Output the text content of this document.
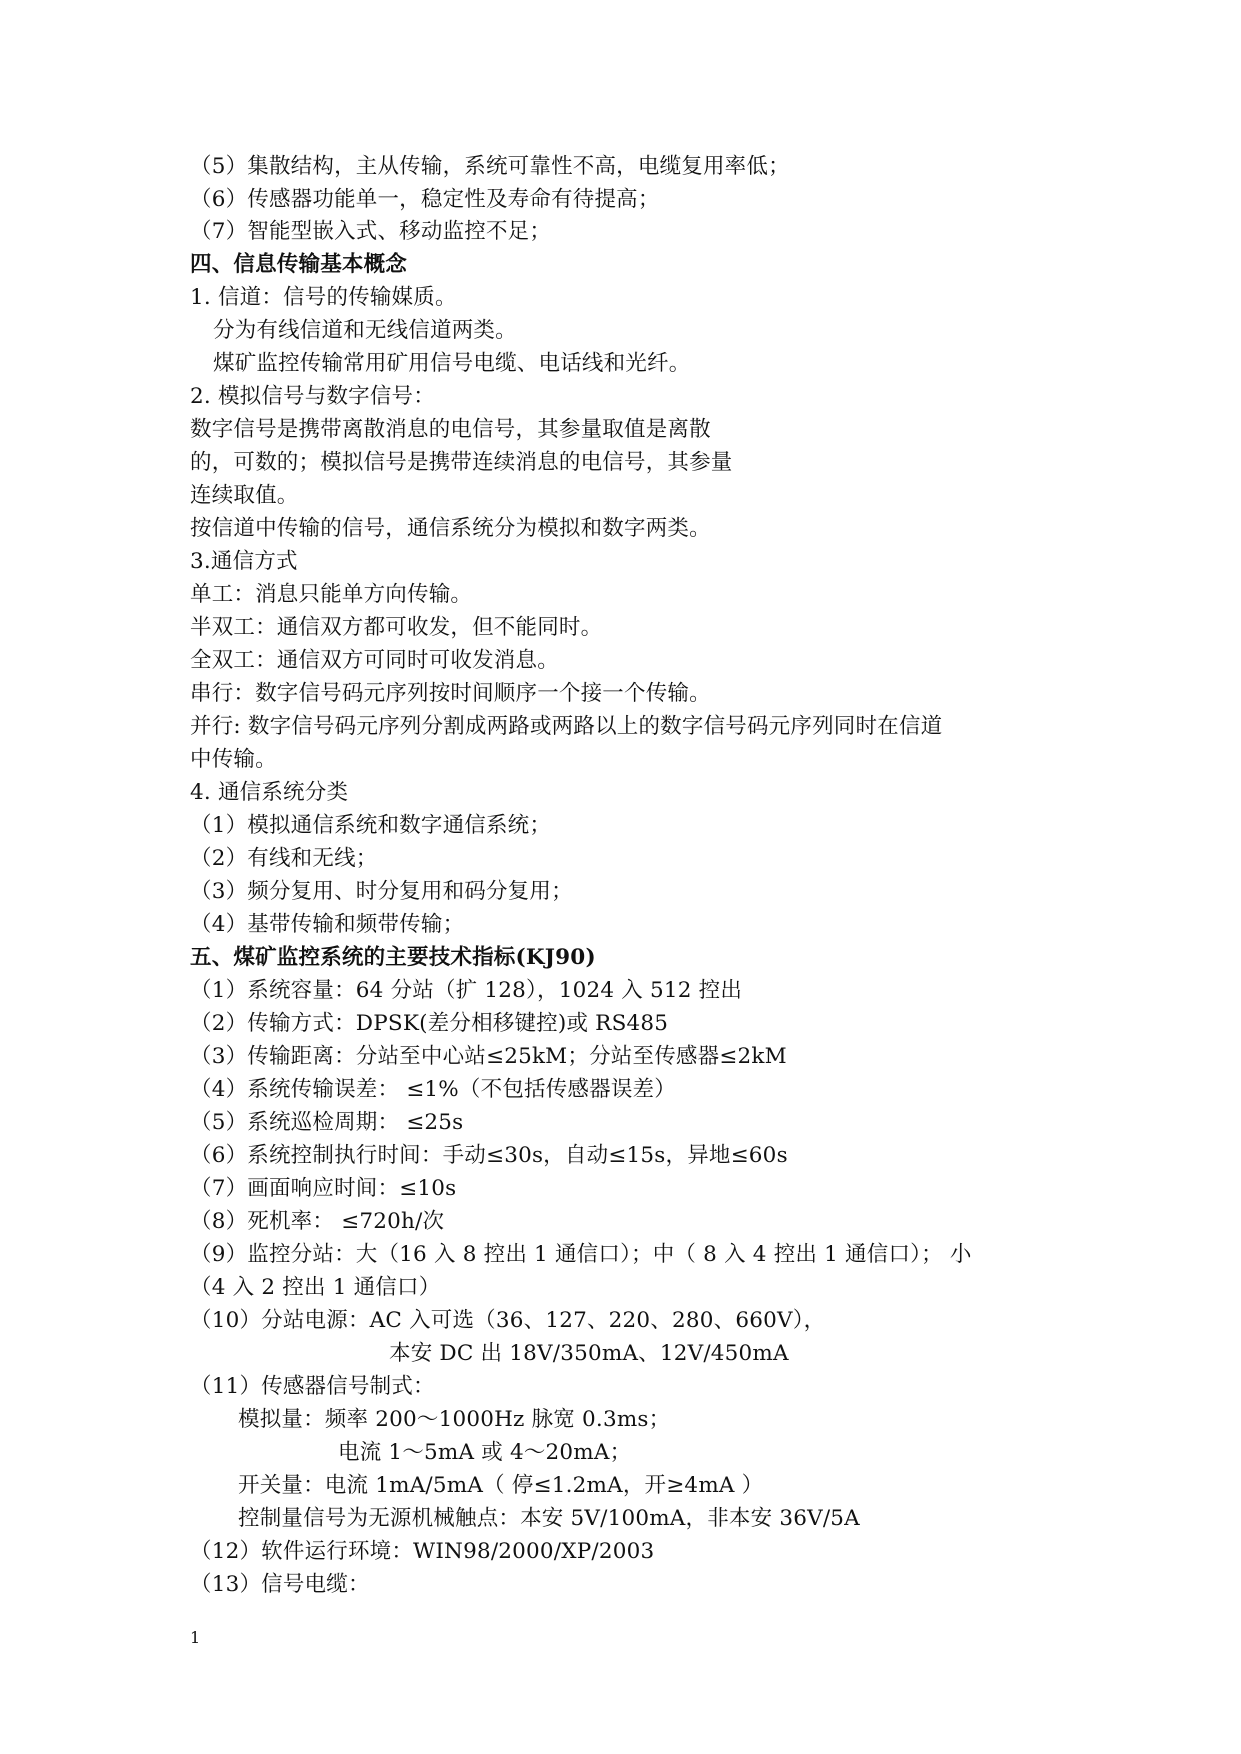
（5）集散结构，主从传输，系统可靠性不高，电缆复用率低；
（6）传感器功能单一，稳定性及寿命有待提高；
（7）智能型嵌入式、移动监控不足；
四、信息传输基本概念
1. 信道：信号的传输媒质。
分为有线信道和无线信道两类。
煤矿监控传输常用矿用信号电缆、电话线和光纤。
2. 模拟信号与数字信号：
数字信号是携带离散消息的电信号，其参量取值是离散
的，可数的；模拟信号是携带连续消息的电信号，其参量
连续取值。
按信道中传输的信号，通信系统分为模拟和数字两类。
3.通信方式
单工：消息只能单方向传输。
半双工：通信双方都可收发，但不能同时。
全双工：通信双方可同时可收发消息。
串行：数字信号码元序列按时间顺序一个接一个传输。
并行: 数字信号码元序列分割成两路或两路以上的数字信号码元序列同时在信道
中传输。
4. 通信系统分类
（1）模拟通信系统和数字通信系统；
（2）有线和无线；
（3）频分复用、时分复用和码分复用；
（4）基带传输和频带传输；
五、煤矿监控系统的主要技术指标(KJ90)
（1）系统容量：64 分站（扩 128），1024 入 512 控出
（2）传输方式：DPSK(差分相移键控)或 RS485
（3）传输距离：分站至中心站≤25kM；分站至传感器≤2kM
（4）系统传输误差： ≤1%（不包括传感器误差）
（5）系统巡检周期： ≤25s
（6）系统控制执行时间：手动≤30s，自动≤15s，异地≤60s
（7）画面响应时间：≤10s
（8）死机率： ≤720h/次
（9）监控分站：大（16 入 8 控出 1 通信口）；中（ 8 入 4 控出 1 通信口）； 小
（4 入 2 控出 1 通信口）
（10）分站电源：AC 入可选（36、127、220、280、660V），
本安 DC 出 18V/350mA、12V/450mA
（11）传感器信号制式：
模拟量：频率 200～1000Hz 脉宽 0.3ms；
电流 1～5mA 或 4～20mA；
开关量：电流 1mA/5mA（ 停≤1.2mA，开≥4mA ）
控制量信号为无源机械触点：本安 5V/100mA，非本安 36V/5A
（12）软件运行环境：WIN98/2000/XP/2003
（13）信号电缆：
1
